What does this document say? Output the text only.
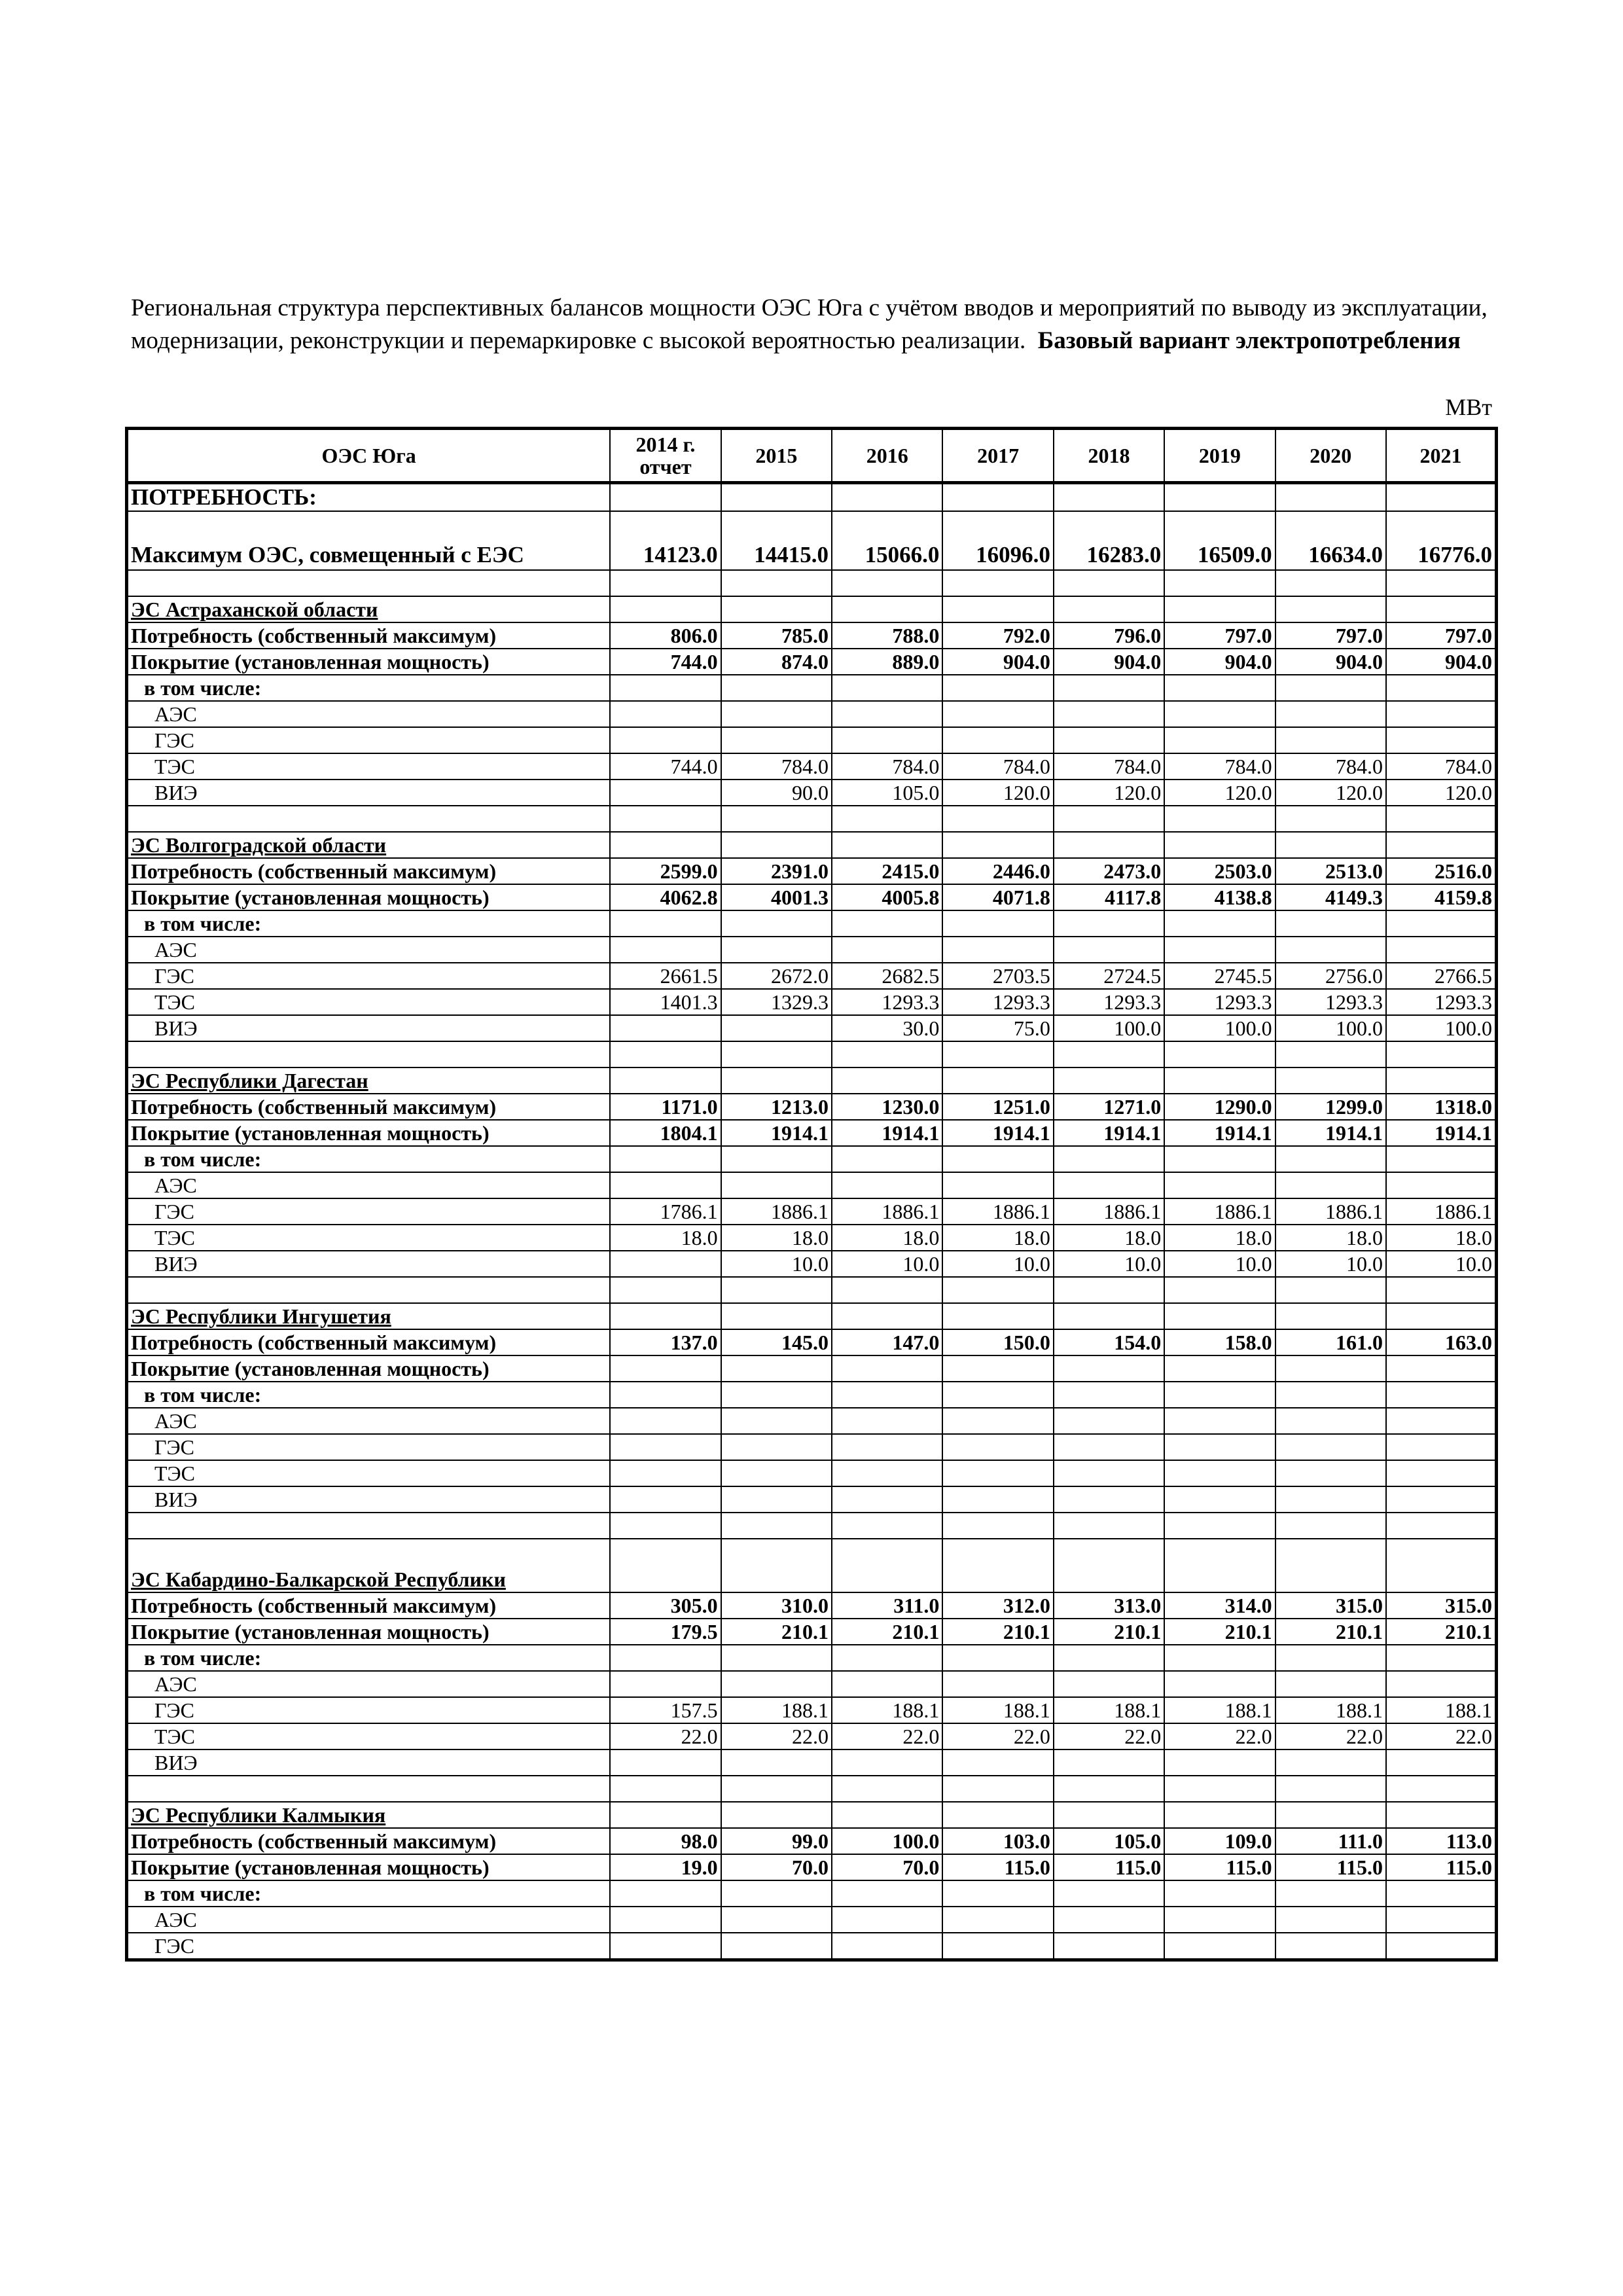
Региональная структура перспективных балансов мощности ОЭС Юга с учётом вводов и мероприятий по выводу из эксплуатации, модернизации, реконструкции и перемаркировке с высокой вероятностью реализации. Базовый вариант электропотребления

МВт
ОЭС Юга	2014 г. отчет	2015	2016	2017	2018	2019	2020	2021
ПОТРЕБНОСТЬ:								
Максимум ОЭС, совмещенный с ЕЭС	14123.0	14415.0	15066.0	16096.0	16283.0	16509.0	16634.0	16776.0

ЭС Астраханской области								
Потребность (собственный максимум)	806.0	785.0	788.0	792.0	796.0	797.0	797.0	797.0
Покрытие (установленная мощность)	744.0	874.0	889.0	904.0	904.0	904.0	904.0	904.0
в том числе:								
АЭС								
ГЭС								
ТЭС	744.0	784.0	784.0	784.0	784.0	784.0	784.0	784.0
ВИЭ		90.0	105.0	120.0	120.0	120.0	120.0	120.0

ЭС Волгоградской области								
Потребность (собственный максимум)	2599.0	2391.0	2415.0	2446.0	2473.0	2503.0	2513.0	2516.0
Покрытие (установленная мощность)	4062.8	4001.3	4005.8	4071.8	4117.8	4138.8	4149.3	4159.8
в том числе:								
АЭС								
ГЭС	2661.5	2672.0	2682.5	2703.5	2724.5	2745.5	2756.0	2766.5
ТЭС	1401.3	1329.3	1293.3	1293.3	1293.3	1293.3	1293.3	1293.3
ВИЭ			30.0	75.0	100.0	100.0	100.0	100.0

ЭС Республики Дагестан								
Потребность (собственный максимум)	1171.0	1213.0	1230.0	1251.0	1271.0	1290.0	1299.0	1318.0
Покрытие (установленная мощность)	1804.1	1914.1	1914.1	1914.1	1914.1	1914.1	1914.1	1914.1
в том числе:								
АЭС								
ГЭС	1786.1	1886.1	1886.1	1886.1	1886.1	1886.1	1886.1	1886.1
ТЭС	18.0	18.0	18.0	18.0	18.0	18.0	18.0	18.0
ВИЭ		10.0	10.0	10.0	10.0	10.0	10.0	10.0

ЭС Республики Ингушетия								
Потребность (собственный максимум)	137.0	145.0	147.0	150.0	154.0	158.0	161.0	163.0
Покрытие (установленная мощность)								
в том числе:								
АЭС								
ГЭС								
ТЭС								
ВИЭ								

ЭС Кабардино-Балкарской Республики								
Потребность (собственный максимум)	305.0	310.0	311.0	312.0	313.0	314.0	315.0	315.0
Покрытие (установленная мощность)	179.5	210.1	210.1	210.1	210.1	210.1	210.1	210.1
в том числе:								
АЭС								
ГЭС	157.5	188.1	188.1	188.1	188.1	188.1	188.1	188.1
ТЭС	22.0	22.0	22.0	22.0	22.0	22.0	22.0	22.0
ВИЭ								

ЭС Республики Калмыкия								
Потребность (собственный максимум)	98.0	99.0	100.0	103.0	105.0	109.0	111.0	113.0
Покрытие (установленная мощность)	19.0	70.0	70.0	115.0	115.0	115.0	115.0	115.0
в том числе:								
АЭС								
ГЭС								
